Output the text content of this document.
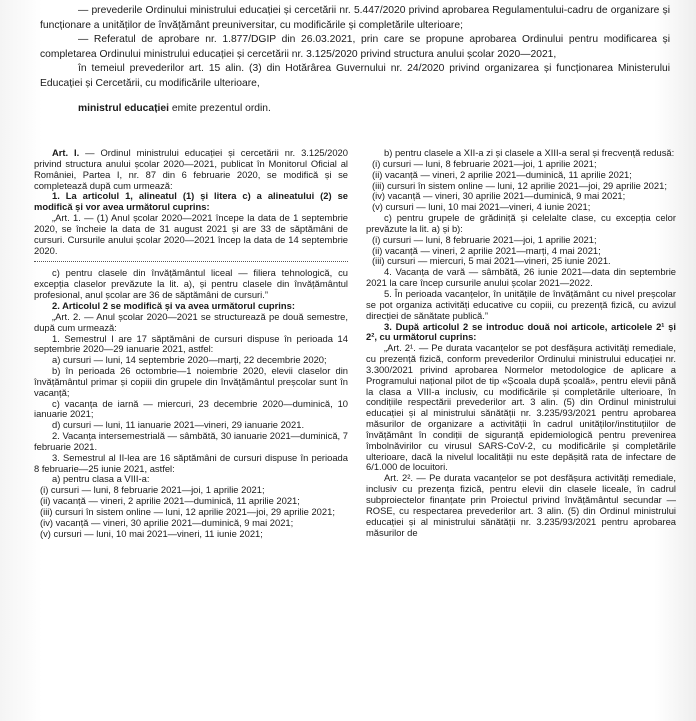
— prevederile Ordinului ministrului educației și cercetării nr. 5.447/2020 privind aprobarea Regulamentului-cadru de organizare și funcționare a unităților de învățământ preuniversitar, cu modificările și completările ulterioare;

— Referatul de aprobare nr. 1.877/DGIP din 26.03.2021, prin care se propune aprobarea Ordinului pentru modificarea și completarea Ordinului ministrului educației și cercetării nr. 3.125/2020 privind structura anului școlar 2020—2021,

în temeiul prevederilor art. 15 alin. (3) din Hotărârea Guvernului nr. 24/2020 privind organizarea și funcționarea Ministerului Educației și Cercetării, cu modificările ulterioare,

ministrul educației emite prezentul ordin.

Art. I. — Ordinul ministrului educației și cercetării nr. 3.125/2020 privind structura anului școlar 2020—2021, publicat în Monitorul Oficial al României, Partea I, nr. 87 din 6 februarie 2020, se modifică și se completează după cum urmează:

1. La articolul 1, alineatul (1) și litera c) a alineatului (2) se modifică și vor avea următorul cuprins:

„Art. 1. — (1) Anul școlar 2020—2021 începe la data de 1 septembrie 2020, se încheie la data de 31 august 2021 și are 33 de săptămâni de cursuri. Cursurile anului școlar 2020—2021 încep la data de 14 septembrie 2020.

c) pentru clasele din învățământul liceal — filiera tehnologică, cu excepția claselor prevăzute la lit. a), și pentru clasele din învățământul profesional, anul școlar are 36 de săptămâni de cursuri.”

2. Articolul 2 se modifică și va avea următorul cuprins:

„Art. 2. — Anul școlar 2020—2021 se structurează pe două semestre, după cum urmează:

1. Semestrul I are 17 săptămâni de cursuri dispuse în perioada 14 septembrie 2020—29 ianuarie 2021, astfel:

a) cursuri — luni, 14 septembrie 2020—marți, 22 decembrie 2020;

b) în perioada 26 octombrie—1 noiembrie 2020, elevii claselor din învățământul primar și copiii din grupele din învățământul preșcolar sunt în vacanță;

c) vacanța de iarnă — miercuri, 23 decembrie 2020—duminică, 10 ianuarie 2021;

d) cursuri — luni, 11 ianuarie 2021—vineri, 29 ianuarie 2021.

2. Vacanța intersemestrială — sâmbătă, 30 ianuarie 2021—duminică, 7 februarie 2021.

3. Semestrul al II-lea are 16 săptămâni de cursuri dispuse în perioada 8 februarie—25 iunie 2021, astfel:

a) pentru clasa a VIII-a:

(i) cursuri — luni, 8 februarie 2021—joi, 1 aprilie 2021;

(ii) vacanță — vineri, 2 aprilie 2021—duminică, 11 aprilie 2021;

(iii) cursuri în sistem online — luni, 12 aprilie 2021—joi, 29 aprilie 2021;

(iv) vacanță — vineri, 30 aprilie 2021—duminică, 9 mai 2021;

(v) cursuri — luni, 10 mai 2021—vineri, 11 iunie 2021;

b) pentru clasele a XII-a zi și clasele a XIII-a seral și frecvență redusă:

(i) cursuri — luni, 8 februarie 2021—joi, 1 aprilie 2021;

(ii) vacanță — vineri, 2 aprilie 2021—duminică, 11 aprilie 2021;

(iii) cursuri în sistem online — luni, 12 aprilie 2021—joi, 29 aprilie 2021;

(iv) vacanță — vineri, 30 aprilie 2021—duminică, 9 mai 2021;

(v) cursuri — luni, 10 mai 2021—vineri, 4 iunie 2021;

c) pentru grupele de grădiniță și celelalte clase, cu excepția celor prevăzute la lit. a) și b):

(i) cursuri — luni, 8 februarie 2021—joi, 1 aprilie 2021;

(ii) vacanță — vineri, 2 aprilie 2021—marți, 4 mai 2021;

(iii) cursuri — miercuri, 5 mai 2021—vineri, 25 iunie 2021.

4. Vacanța de vară — sâmbătă, 26 iunie 2021—data din septembrie 2021 la care încep cursurile anului școlar 2021—2022.

5. În perioada vacanțelor, în unitățile de învățământ cu nivel preșcolar se pot organiza activități educative cu copiii, cu prezență fizică, cu avizul direcției de sănătate publică.”

3. După articolul 2 se introduc două noi articole, articolele 2¹ și 2², cu următorul cuprins:

„Art. 2¹. — Pe durata vacanțelor se pot desfășura activități remediale, cu prezență fizică, conform prevederilor Ordinului ministrului educației nr. 3.300/2021 privind aprobarea Normelor metodologice de aplicare a Programului național pilot de tip «Școala după școală», pentru elevii până la clasa a VIII-a inclusiv, cu modificările și completările ulterioare, în condițiile respectării prevederilor art. 3 alin. (5) din Ordinul ministrului educației și al ministrului sănătății nr. 3.235/93/2021 pentru aprobarea măsurilor de organizare a activității în cadrul unităților/instituțiilor de învățământ în condiții de siguranță epidemiologică pentru prevenirea îmbolnăvirilor cu virusul SARS-CoV-2, cu modificările și completările ulterioare, dacă la nivelul localității nu este depășită rata de infectare de 6/1.000 de locuitori.

Art. 2². — Pe durata vacanțelor se pot desfășura activități remediale, inclusiv cu prezența fizică, pentru elevii din clasele liceale, în cadrul subproiectelor finanțate prin Proiectul privind învățământul secundar — ROSE, cu respectarea prevederilor art. 3 alin. (5) din Ordinul ministrului educației și al ministrului sănătății nr. 3.235/93/2021 pentru aprobarea măsurilor de
